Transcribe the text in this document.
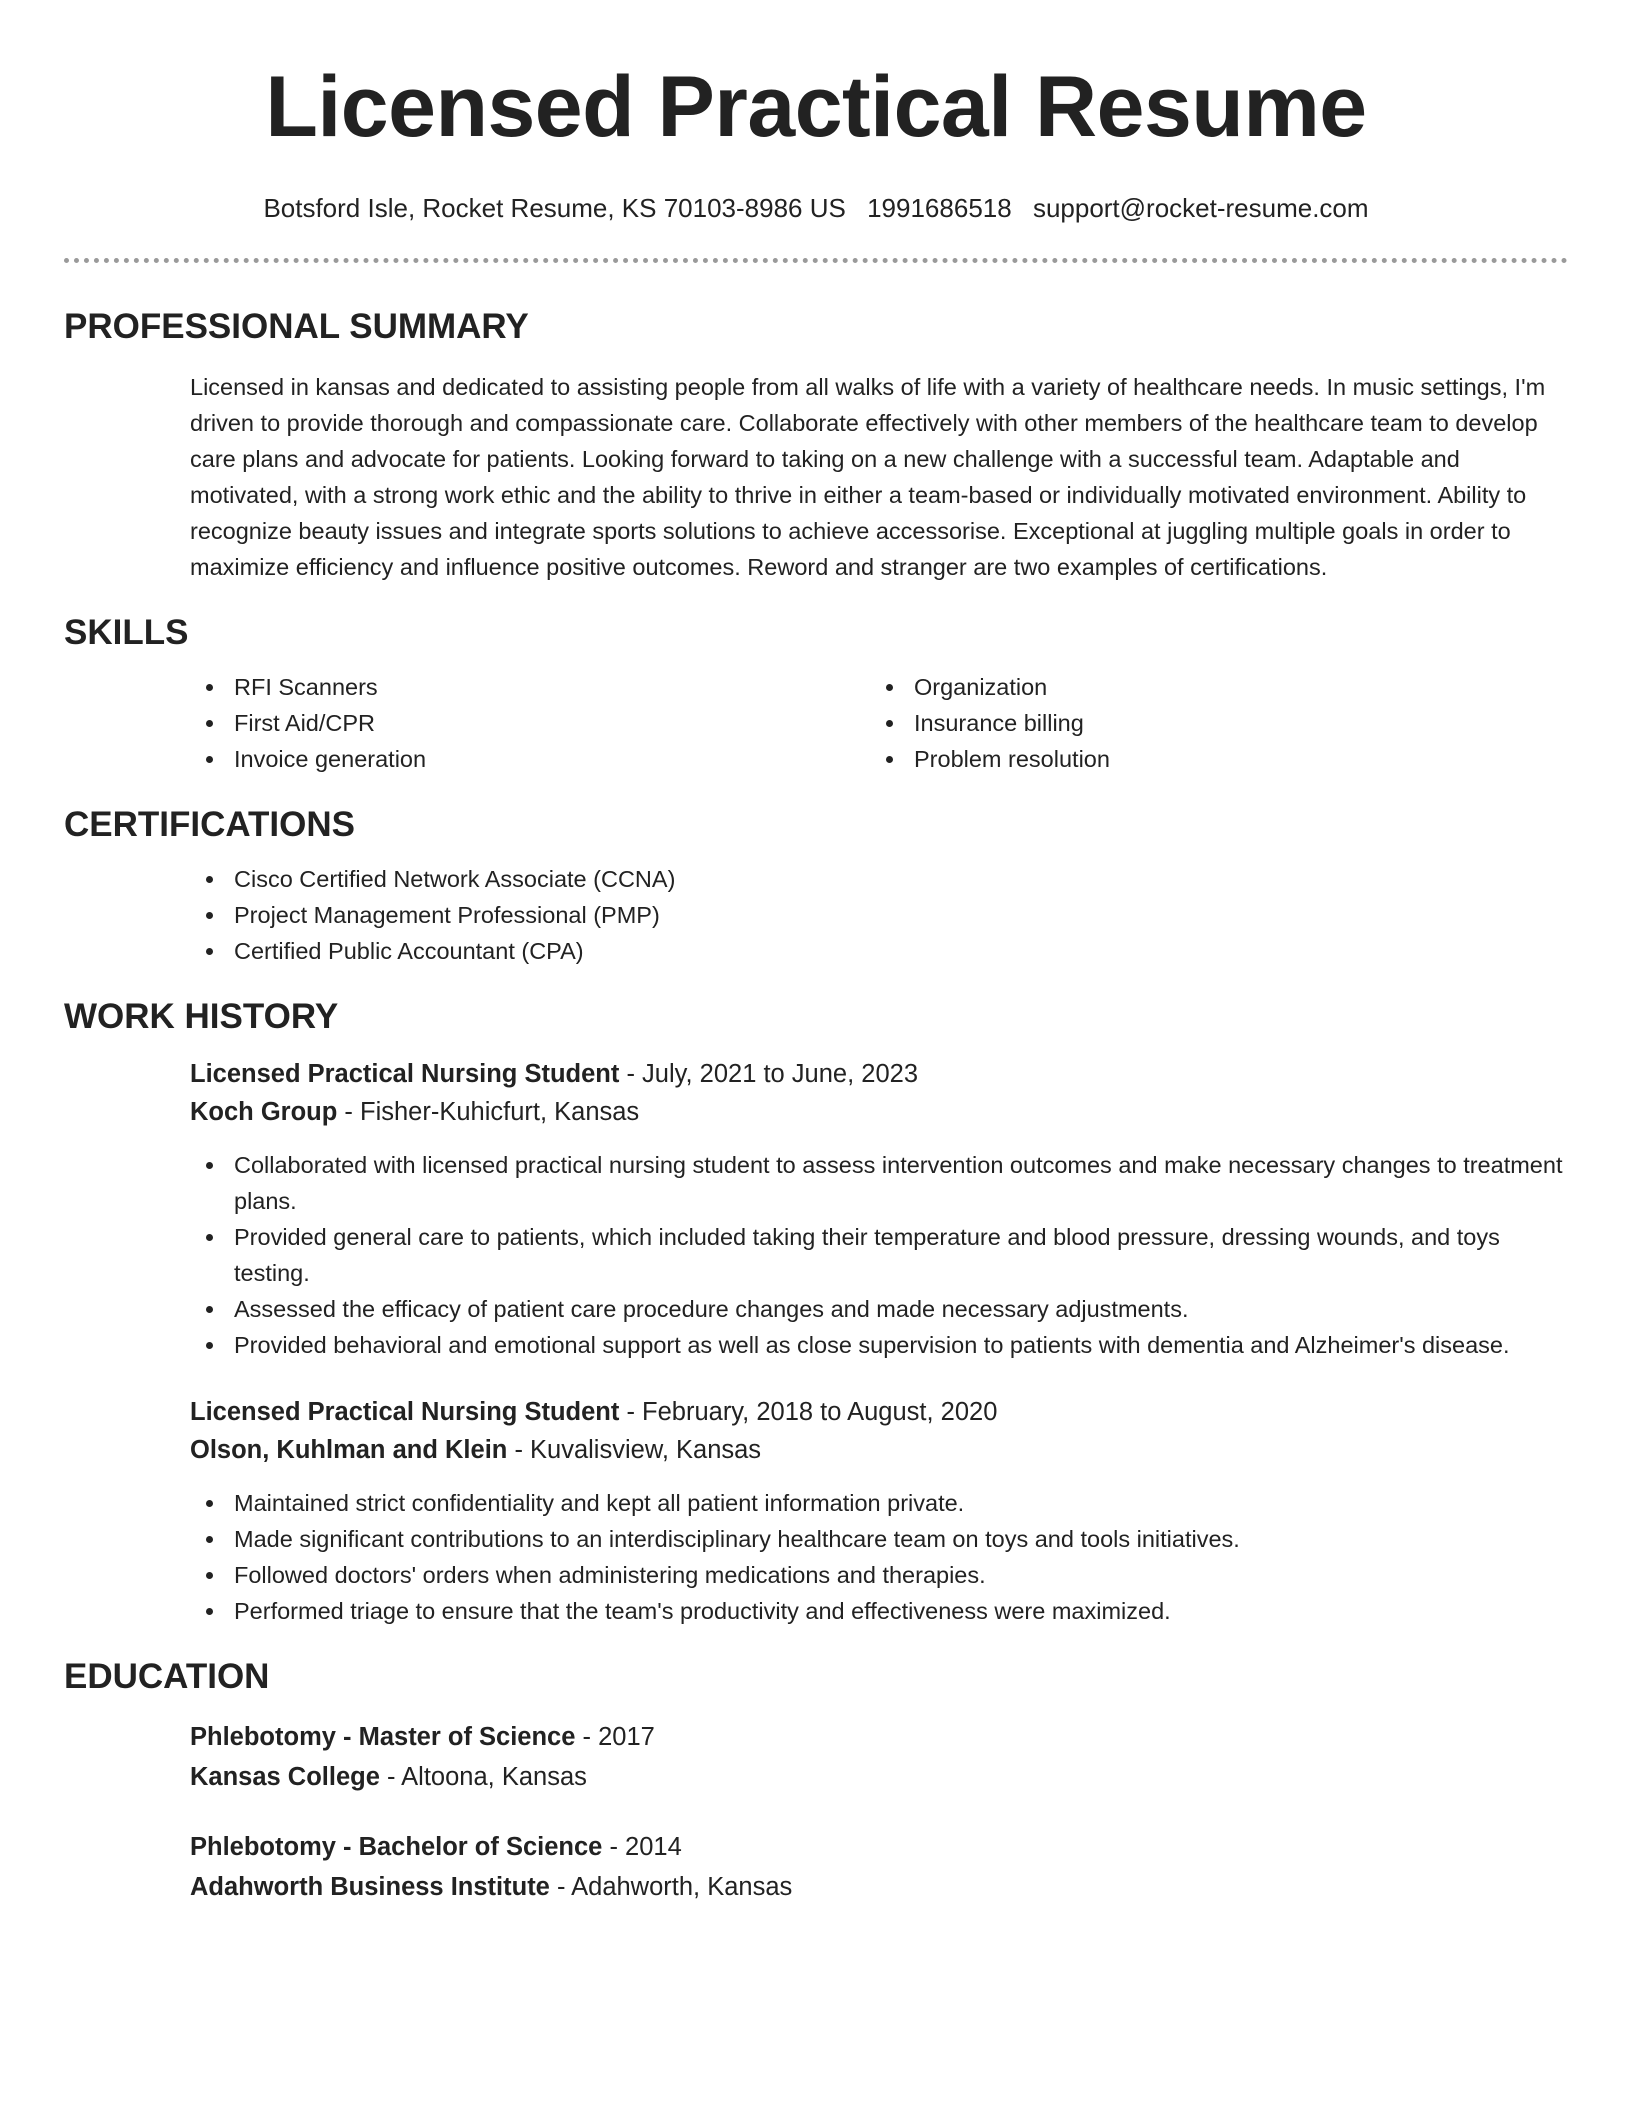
Licensed Practical Resume
Botsford Isle, Rocket Resume, KS 70103-8986 US 1991686518 support@rocket-resume.com
PROFESSIONAL SUMMARY

Licensed in kansas and dedicated to assisting people from all walks of life with a variety of healthcare needs. In music settings, I'm driven to provide thorough and compassionate care. Collaborate effectively with other members of the healthcare team to develop care plans and advocate for patients. Looking forward to taking on a new challenge with a successful team. Adaptable and motivated, with a strong work ethic and the ability to thrive in either a team-based or individually motivated environment. Ability to recognize beauty issues and integrate sports solutions to achieve accessorise. Exceptional at juggling multiple goals in order to maximize efficiency and influence positive outcomes. Reword and stranger are two examples of certifications.

SKILLS
RFI Scanners
First Aid/CPR
Invoice generation
Organization
Insurance billing
Problem resolution
CERTIFICATIONS
Cisco Certified Network Associate (CCNA)
Project Management Professional (PMP)
Certified Public Accountant (CPA)
WORK HISTORY
Licensed Practical Nursing Student - July, 2021 to June, 2023
Koch Group - Fisher-Kuhicfurt, Kansas
Collaborated with licensed practical nursing student to assess intervention outcomes and make necessary changes to treatment plans.
Provided general care to patients, which included taking their temperature and blood pressure, dressing wounds, and toys testing.
Assessed the efficacy of patient care procedure changes and made necessary adjustments.
Provided behavioral and emotional support as well as close supervision to patients with dementia and Alzheimer's disease.
Licensed Practical Nursing Student - February, 2018 to August, 2020
Olson, Kuhlman and Klein - Kuvalisview, Kansas
Maintained strict confidentiality and kept all patient information private.
Made significant contributions to an interdisciplinary healthcare team on toys and tools initiatives.
Followed doctors' orders when administering medications and therapies.
Performed triage to ensure that the team's productivity and effectiveness were maximized.
EDUCATION
Phlebotomy - Master of Science - 2017
Kansas College - Altoona, Kansas
Phlebotomy - Bachelor of Science - 2014
Adahworth Business Institute - Adahworth, Kansas
